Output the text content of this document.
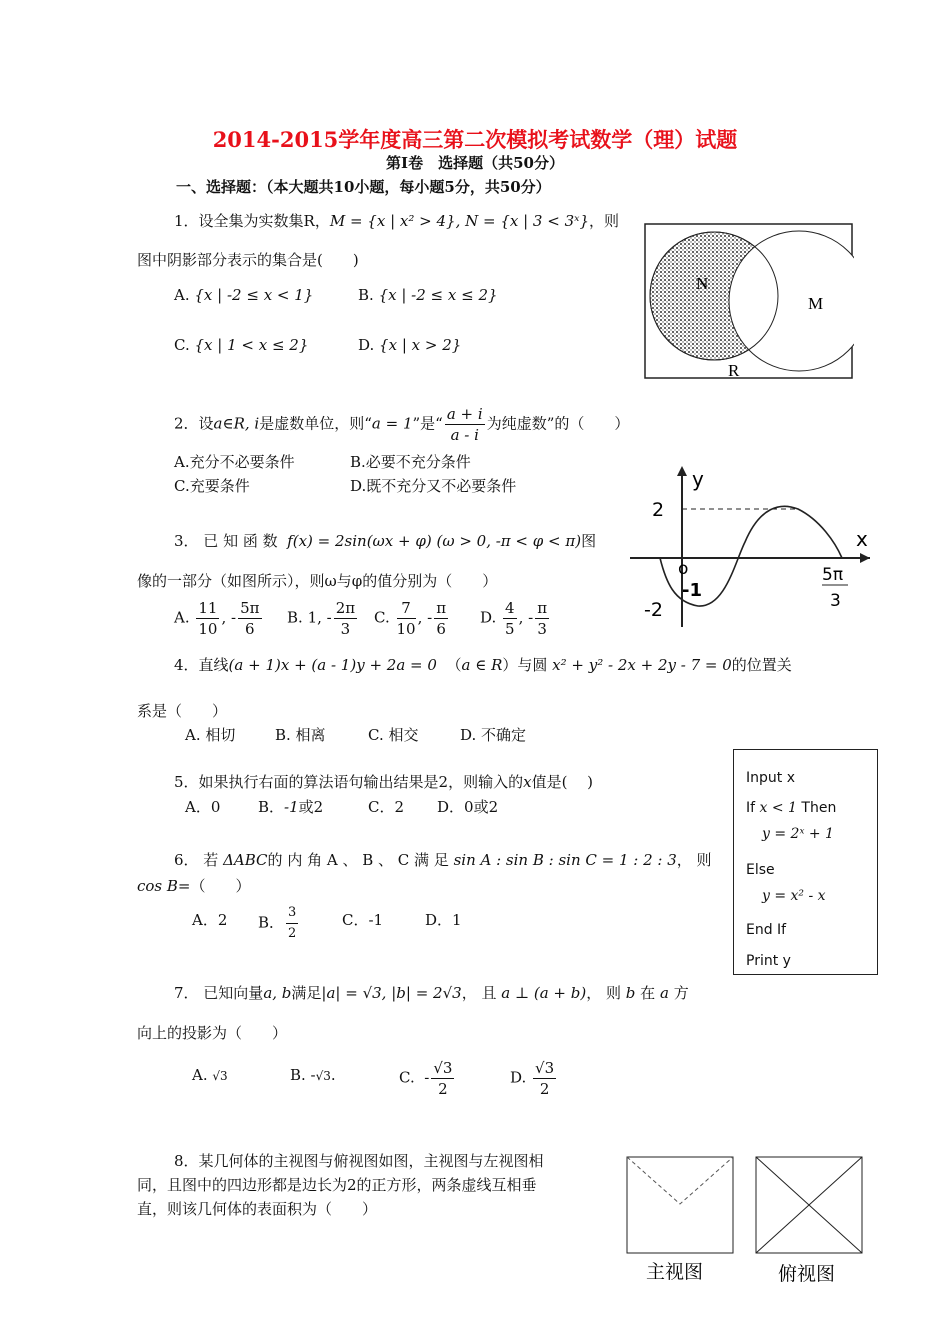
2014-2015学年度高三第二次模拟考试数学（理）试题
第Ⅰ卷　选择题（共50分）
一、选择题：（本大题共10小题，每小题5分，共50分）
1．设全集为实数集R，M = {x | x² > 4}, N = {x | 3 < 3ˣ}，则
图中阴影部分表示的集合是(　　)
A. {x | -2 ≤ x < 1}	B. {x | -2 ≤ x ≤ 2}
C. {x | 1 < x ≤ 2}	D. {x | x > 2}
N
M
R
2．设a∈R, i是虚数单位，则“a = 1”是“ $\frac{a + i}{a - i}$ 为纯虚数”的（　　）
A.充分不必要条件	B.必要不充分条件
C.充要条件	D.既不充分又不必要条件	y
x
2
o
-1
-2
5π
3
3． 已 知 函 数 f(x) = 2sin(ωx + φ) (ω > 0, -π < φ < π)图
像的一部分（如图所示），则ω与φ的值分别为（　　）
A. $\frac{11}{10}$ , - $\frac{5\pi}{6} B$. 1, - $\frac{2\pi}{3} C$. $\frac{7}{10}$ , - $\frac{\pi}{6} D$. $\frac{4}{5}$ , - $\frac{\pi}{3}$
4．直线(a + 1)x + (a - 1)y + 2a = 0 （a ∈ R）与圆 x² + y² - 2x + 2y - 7 = 0的位置关
系是（　　）
A. 相切	B. 相离	C. 相交	D. 不确定
5．如果执行右面的算法语句输出结果是2，则输入的x值是(　 )
A．0	B．-1或2	C．2 D．0或2
Input x
If x < 1 Then
y = 2ˣ + 1
Else
y = x² - x
End If
Print y
6． 若 ΔABC的 内 角 A 、 B 、 C 满 足 sin A : sin B : sin C = 1 : 2 : 3， 则
cos B=（　　）
A．2 B． $\frac{3}{2}$	C．-1	D．1
7． 已知向量a, b满足|a| = √3, |b| = 2√3， 且 a ⊥ (a + b)， 则 b 在 a 方
向上的投影为（　　）
A. √3	B. -√3.	C. - $\frac{√3}{2}$	D. $\frac{√3}{2}$
8．某几何体的主视图与俯视图如图，主视图与左视图相
同，且图中的四边形都是边长为2的正方形，两条虚线互相垂
直，则该几何体的表面积为（　　）
主视图	俯视图
